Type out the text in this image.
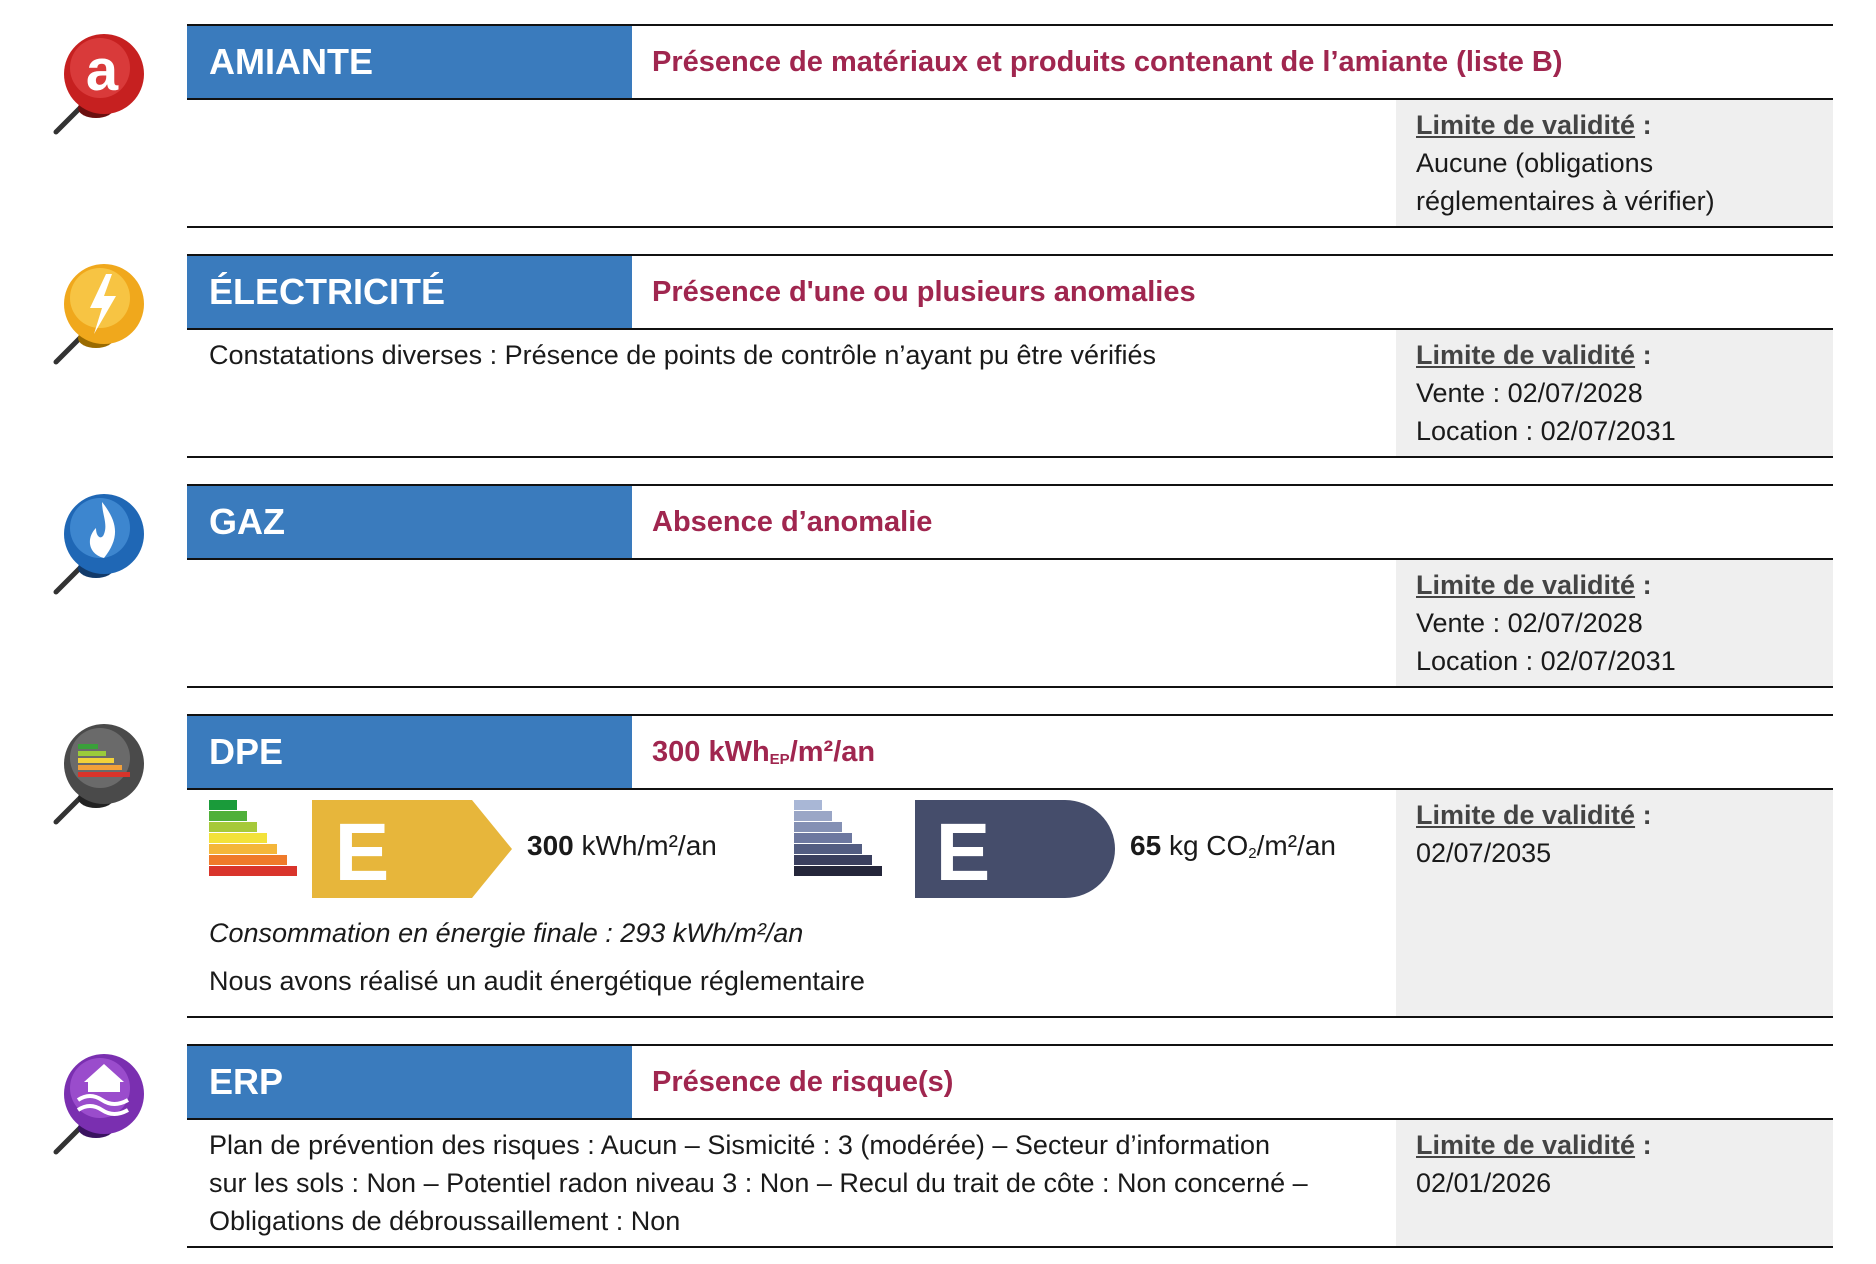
a	AMIANTE	Présence de matériaux et produits contenant de l’amiante (liste B)
Limite de validité :
Aucune (obligations
réglementaires à vérifier)
ÉLECTRICITÉ	Présence d'une ou plusieurs anomalies
Constatations diverses : Présence de points de contrôle n’ayant pu être vérifiés	Limite de validité :
Vente : 02/07/2028
Location : 02/07/2031
GAZ	Absence d’anomalie
Limite de validité :
Vente : 02/07/2028
Location : 02/07/2031
DPE	300 kWh$_{EP}$/m²/an
E	300 kWh/m²/an	E	65 kg $CO_2/m^2/an$
Consommation en énergie finale : 293 kWh/m²/an
Nous avons réalisé un audit énergétique réglementaire
Limite de validité :
02/07/2035
ERP	Présence de risque(s)
Plan de prévention des risques : Aucun – Sismicité : 3 (modérée) – Secteur d’information
sur les sols : Non – Potentiel radon niveau 3 : Non – Recul du trait de côte : Non concerné –
Obligations de débroussaillement : Non
Limite de validité :
02/01/2026
